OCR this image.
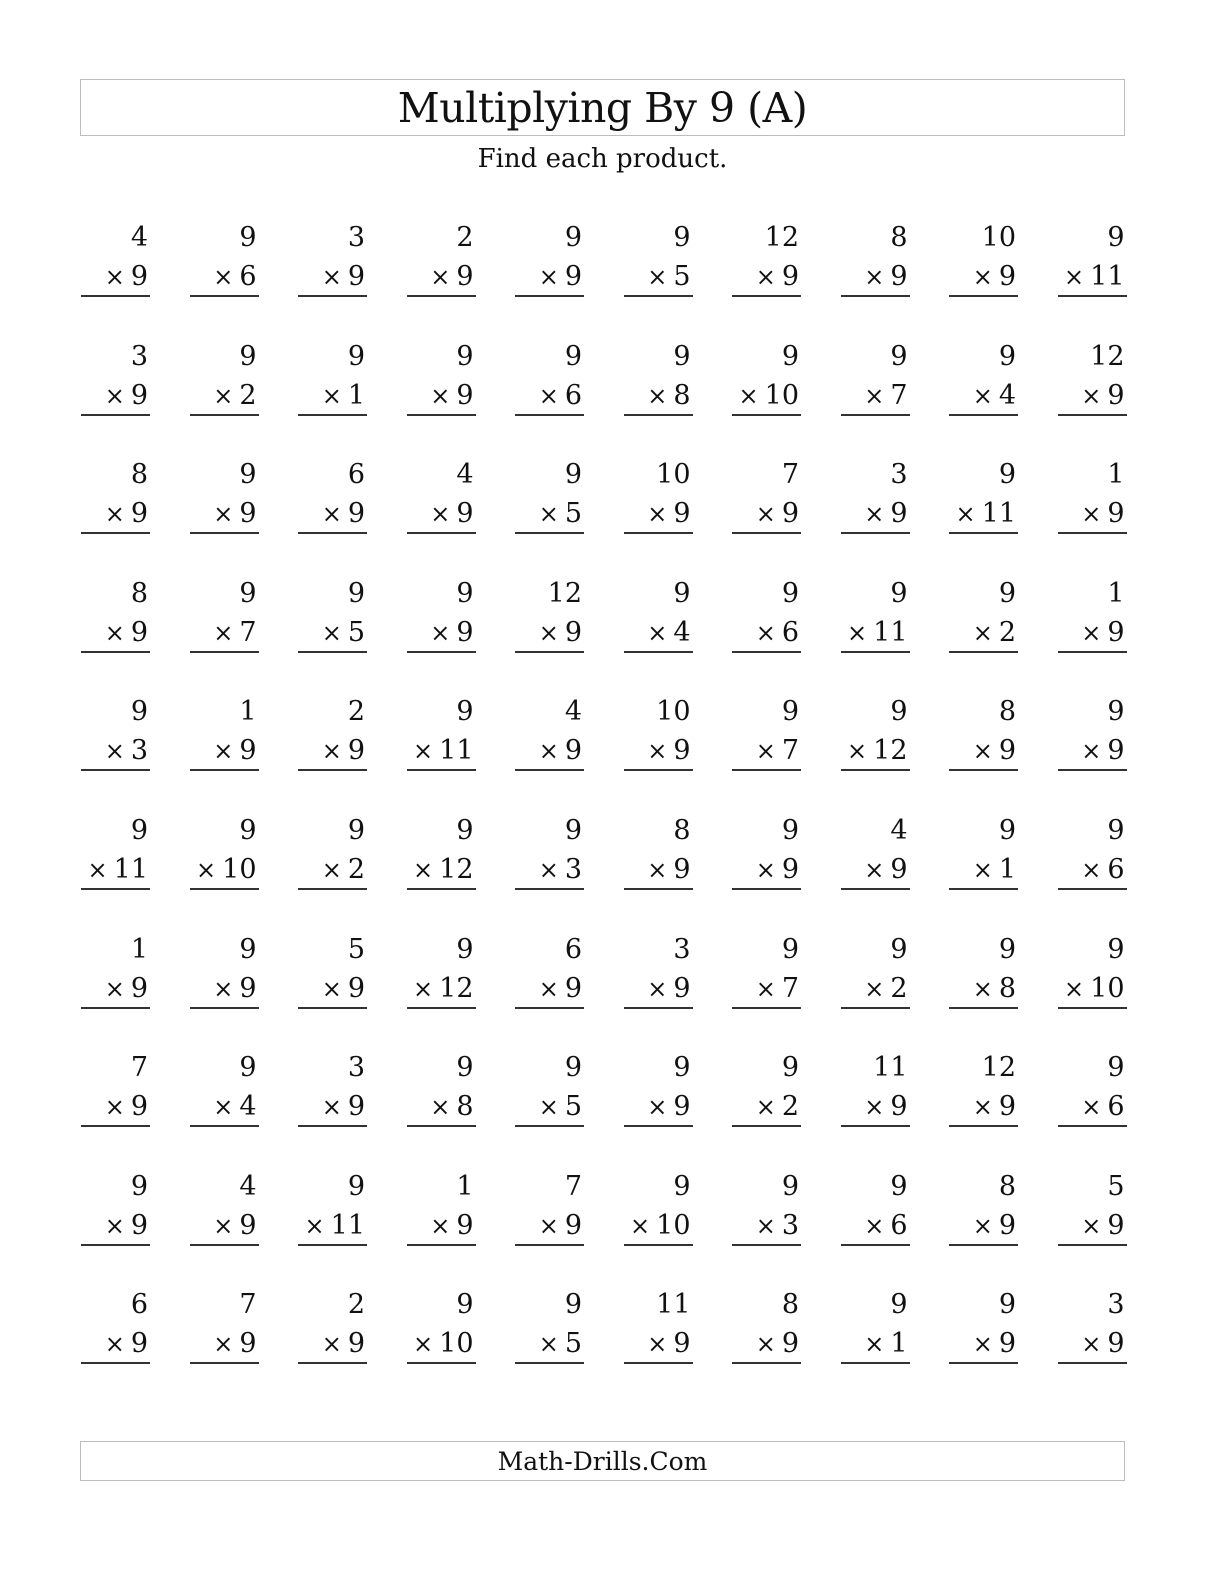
Multiplying By 9 (A)
Find each product.
4
× 9
9
× 6
3
× 9
2
× 9
9
× 9
9
× 5
12
× 9
8
× 9
10
× 9
9
× 11
3
× 9
9
× 2
9
× 1
9
× 9
9
× 6
9
× 8
9
× 10
9
× 7
9
× 4
12
× 9
8
× 9
9
× 9
6
× 9
4
× 9
9
× 5
10
× 9
7
× 9
3
× 9
9
× 11
1
× 9
8
× 9
9
× 7
9
× 5
9
× 9
12
× 9
9
× 4
9
× 6
9
× 11
9
× 2
1
× 9
9
× 3
1
× 9
2
× 9
9
× 11
4
× 9
10
× 9
9
× 7
9
× 12
8
× 9
9
× 9
9
× 11
9
× 10
9
× 2
9
× 12
9
× 3
8
× 9
9
× 9
4
× 9
9
× 1
9
× 6
1
× 9
9
× 9
5
× 9
9
× 12
6
× 9
3
× 9
9
× 7
9
× 2
9
× 8
9
× 10
7
× 9
9
× 4
3
× 9
9
× 8
9
× 5
9
× 9
9
× 2
11
× 9
12
× 9
9
× 6
9
× 9
4
× 9
9
× 11
1
× 9
7
× 9
9
× 10
9
× 3
9
× 6
8
× 9
5
× 9
6
× 9
7
× 9
2
× 9
9
× 10
9
× 5
11
× 9
8
× 9
9
× 1
9
× 9
3
× 9
Math-Drills.Com
